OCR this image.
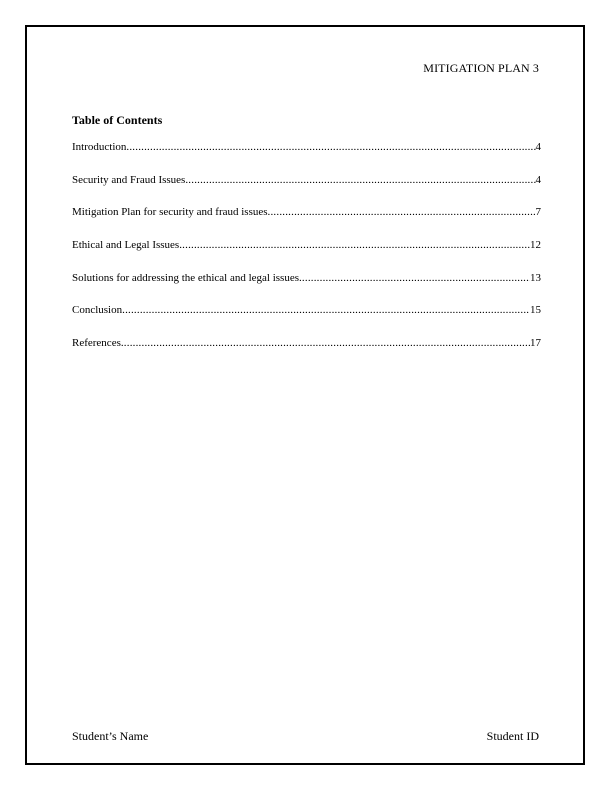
MITIGATION PLAN 3
Table of Contents
Introduction .....	4
Security and Fraud Issues .....	4
Mitigation Plan for security and fraud issues .....	7
Ethical and Legal Issues .....	12
Solutions for addressing the ethical and legal issues .....	13
Conclusion .....	15
References .....	17
Student’s Name	Student ID
